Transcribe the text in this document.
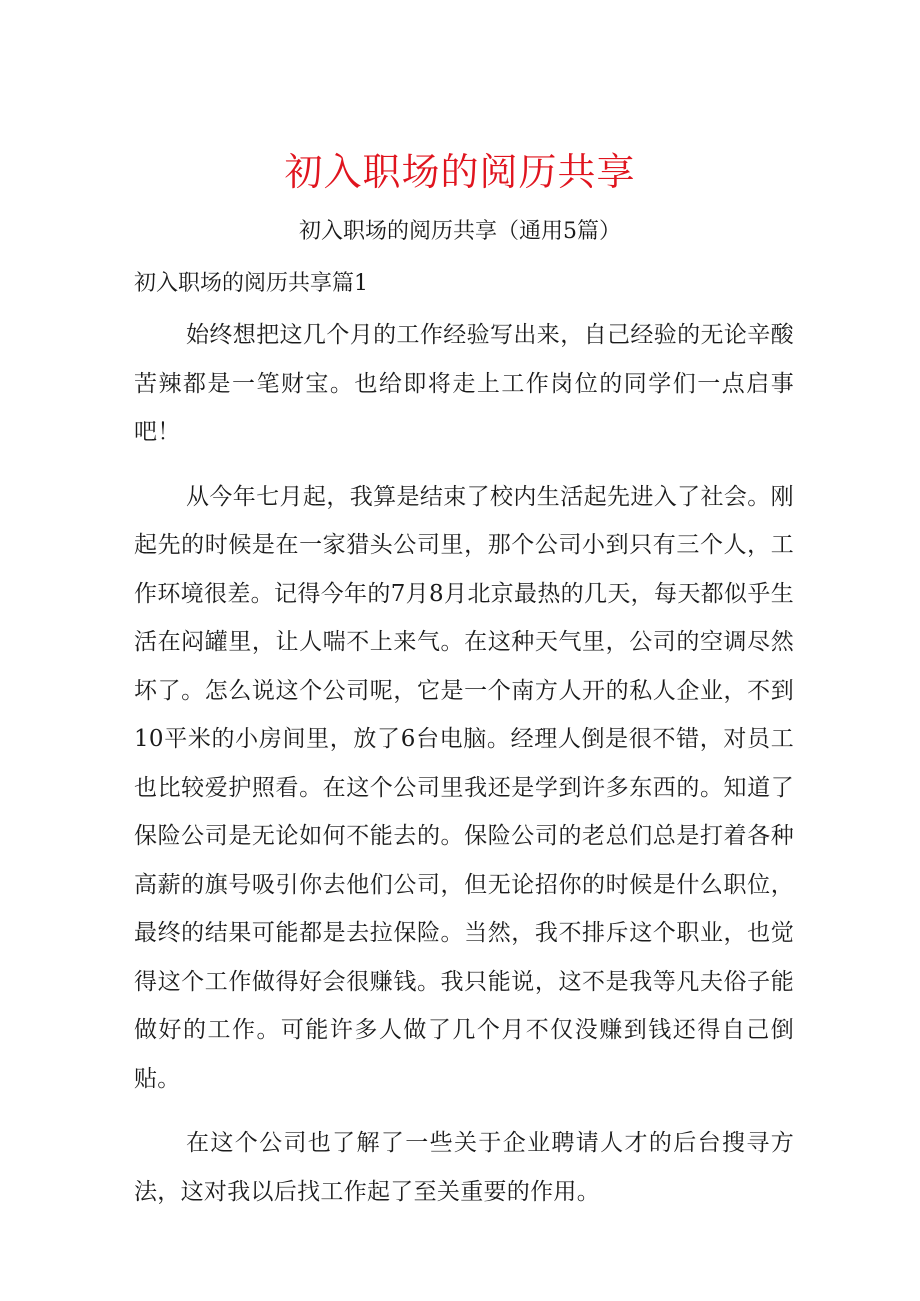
初入职场的阅历共享
初入职场的阅历共享（通用5篇）
初入职场的阅历共享篇1

始终想把这几个月的工作经验写出来，自己经验的无论辛酸苦辣都是一笔财宝。也给即将走上工作岗位的同学们一点启事吧！

从今年七月起，我算是结束了校内生活起先进入了社会。刚起先的时候是在一家猎头公司里，那个公司小到只有三个人，工作环境很差。记得今年的7月8月北京最热的几天，每天都似乎生活在闷罐里，让人喘不上来气。在这种天气里，公司的空调尽然坏了。怎么说这个公司呢，它是一个南方人开的私人企业，不到10平米的小房间里，放了6台电脑。经理人倒是很不错，对员工也比较爱护照看。在这个公司里我还是学到许多东西的。知道了保险公司是无论如何不能去的。保险公司的老总们总是打着各种高薪的旗号吸引你去他们公司，但无论招你的时候是什么职位，最终的结果可能都是去拉保险。当然，我不排斥这个职业，也觉得这个工作做得好会很赚钱。我只能说，这不是我等凡夫俗子能做好的工作。可能许多人做了几个月不仅没赚到钱还得自己倒贴。

在这个公司也了解了一些关于企业聘请人才的后台搜寻方法，这对我以后找工作起了至关重要的作用。
